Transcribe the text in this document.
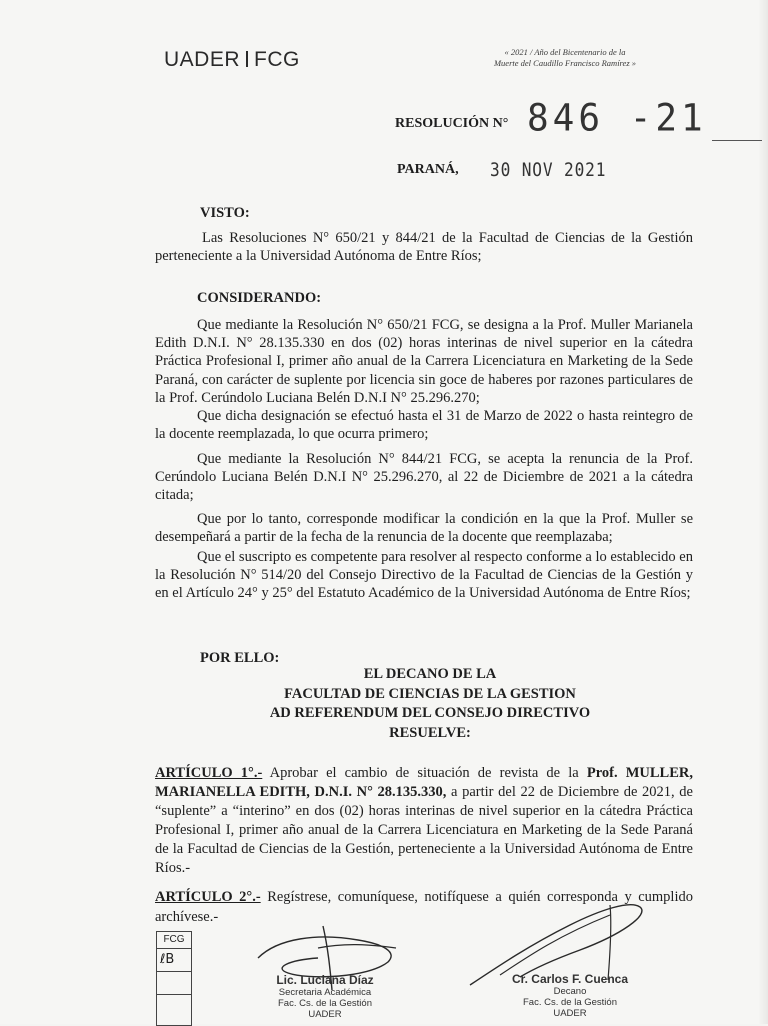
UADER FCG	« 2021 / Año del Bicentenario de la
Muerte del Caudillo Francisco Ramírez »
RESOLUCIÓN N° 846 -21
PARANÁ, 30 NOV 2021
VISTO:
Las Resoluciones N° 650/21 y 844/21 de la Facultad de Ciencias de la Gestión perteneciente a la Universidad Autónoma de Entre Ríos;
CONSIDERANDO:
Que mediante la Resolución N° 650/21 FCG, se designa a la Prof. Muller Marianela Edith D.N.I. N° 28.135.330 en dos (02) horas interinas de nivel superior en la cátedra Práctica Profesional I, primer año anual de la Carrera Licenciatura en Marketing de la Sede Paraná, con carácter de suplente por licencia sin goce de haberes por razones particulares de la Prof. Cerúndolo Luciana Belén D.N.I N° 25.296.270;
Que dicha designación se efectuó hasta el 31 de Marzo de 2022 o hasta reintegro de la docente reemplazada, lo que ocurra primero;
Que mediante la Resolución N° 844/21 FCG, se acepta la renuncia de la Prof. Cerúndolo Luciana Belén D.N.I N° 25.296.270, al 22 de Diciembre de 2021 a la cátedra citada;
Que por lo tanto, corresponde modificar la condición en la que la Prof. Muller se desempeñará a partir de la fecha de la renuncia de la docente que reemplazaba;
Que el suscripto es competente para resolver al respecto conforme a lo establecido en la Resolución N° 514/20 del Consejo Directivo de la Facultad de Ciencias de la Gestión y en el Artículo 24° y 25° del Estatuto Académico de la Universidad Autónoma de Entre Ríos;
POR ELLO:
EL DECANO DE LA
FACULTAD DE CIENCIAS DE LA GESTION
AD REFERENDUM DEL CONSEJO DIRECTIVO
RESUELVE:
ARTÍCULO 1°.- Aprobar el cambio de situación de revista de la Prof. MULLER, MARIANELLA EDITH, D.N.I. N° 28.135.330, a partir del 22 de Diciembre de 2021, de “suplente” a “interino” en dos (02) horas interinas de nivel superior en la cátedra Práctica Profesional I, primer año anual de la Carrera Licenciatura en Marketing de la Sede Paraná de la Facultad de Ciencias de la Gestión, perteneciente a la Universidad Autónoma de Entre Ríos.-
ARTÍCULO 2°.- Regístrese, comuníquese, notifíquese a quién corresponda y cumplido archívese.-
FCG
ℓB
Lic. Luciana Díaz
Secretaria Académica
Fac. Cs. de la Gestión
UADER
Cr. Carlos F. Cuenca
Decano
Fac. Cs. de la Gestión
UADER
